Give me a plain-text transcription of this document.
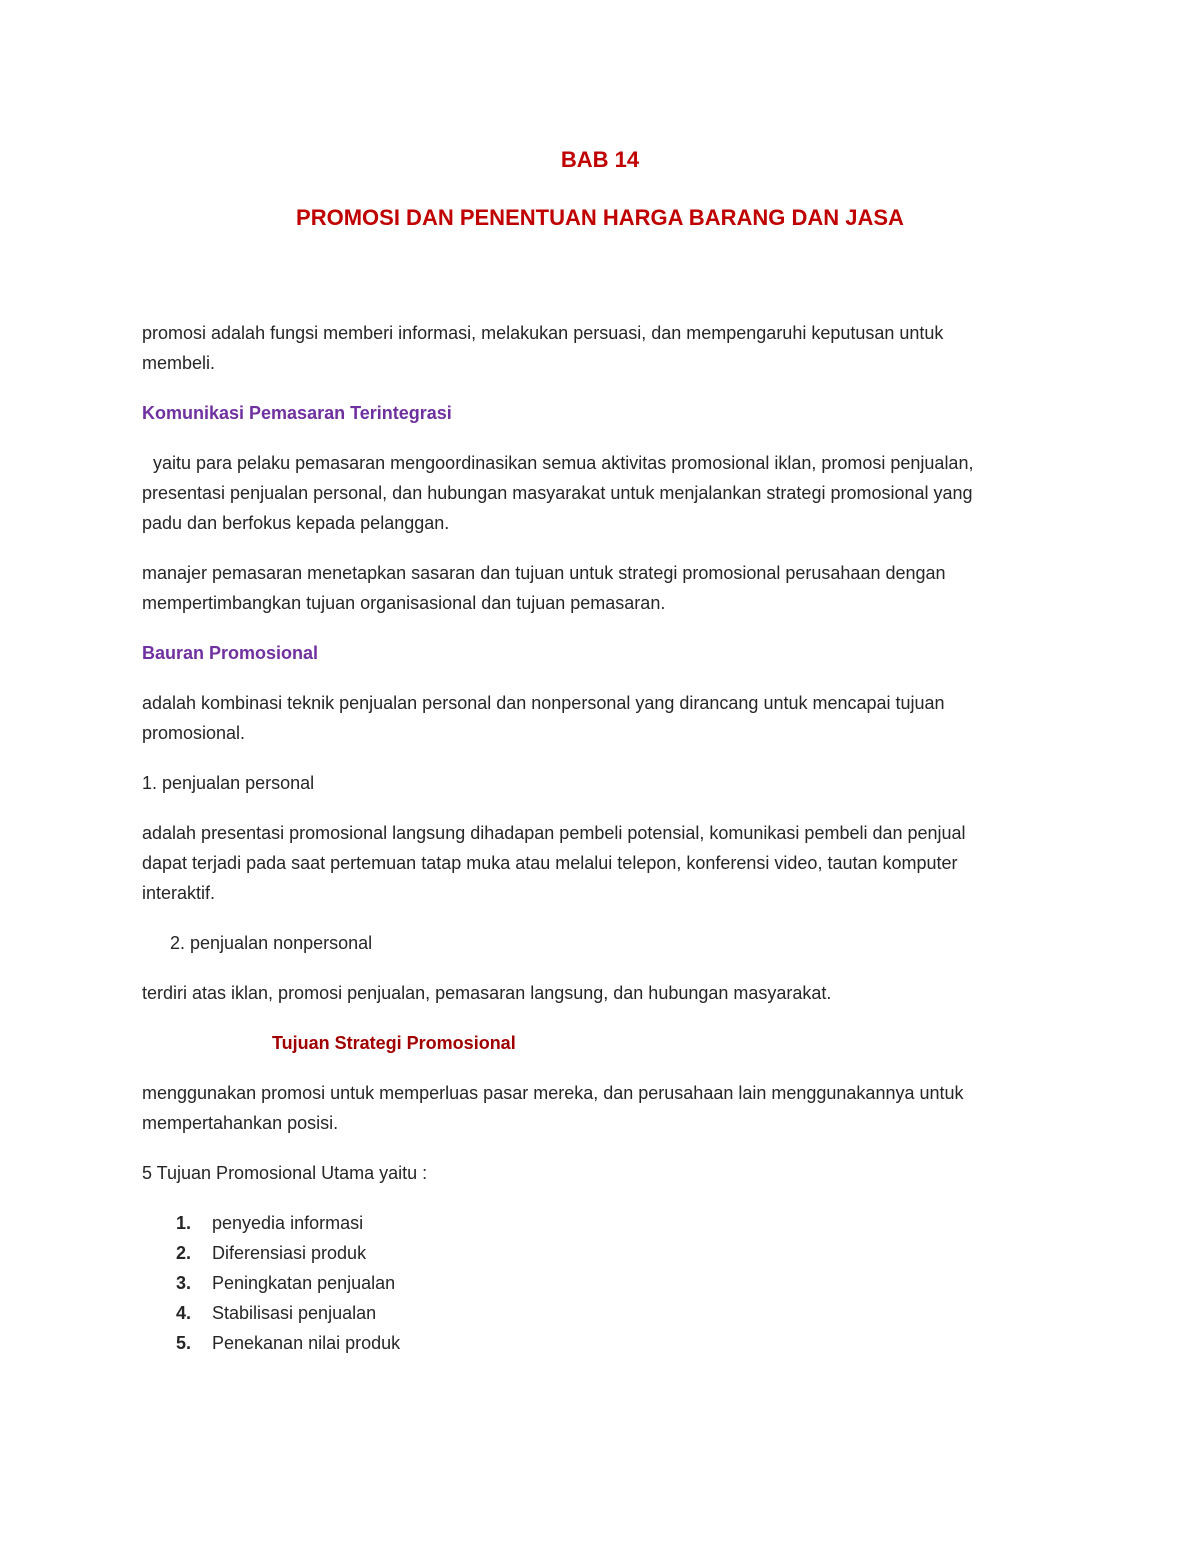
BAB 14
PROMOSI DAN PENENTUAN HARGA BARANG DAN JASA

promosi adalah fungsi memberi informasi, melakukan persuasi, dan mempengaruhi keputusan untuk

membeli.

Komunikasi Pemasaran Terintegrasi

yaitu para pelaku pemasaran mengoordinasikan semua aktivitas promosional iklan, promosi penjualan,

presentasi penjualan personal, dan hubungan masyarakat untuk menjalankan strategi promosional yang

padu dan berfokus kepada pelanggan.

manajer pemasaran menetapkan sasaran dan tujuan untuk strategi promosional perusahaan dengan

mempertimbangkan tujuan organisasional dan tujuan pemasaran.

Bauran Promosional

adalah kombinasi teknik penjualan personal dan nonpersonal yang dirancang untuk mencapai tujuan

promosional.

1. penjualan personal

adalah presentasi promosional langsung dihadapan pembeli potensial, komunikasi pembeli dan penjual

dapat terjadi pada saat pertemuan tatap muka atau melalui telepon, konferensi video, tautan komputer

interaktif.

2. penjualan nonpersonal

terdiri atas iklan, promosi penjualan, pemasaran langsung, dan hubungan masyarakat.

Tujuan Strategi Promosional

menggunakan promosi untuk memperluas pasar mereka, dan perusahaan lain menggunakannya untuk

mempertahankan posisi.

5 Tujuan Promosional Utama yaitu :

1.	penyedia informasi
2.	Diferensiasi produk
3.	Peningkatan penjualan
4.	Stabilisasi penjualan
5.	Penekanan nilai produk
